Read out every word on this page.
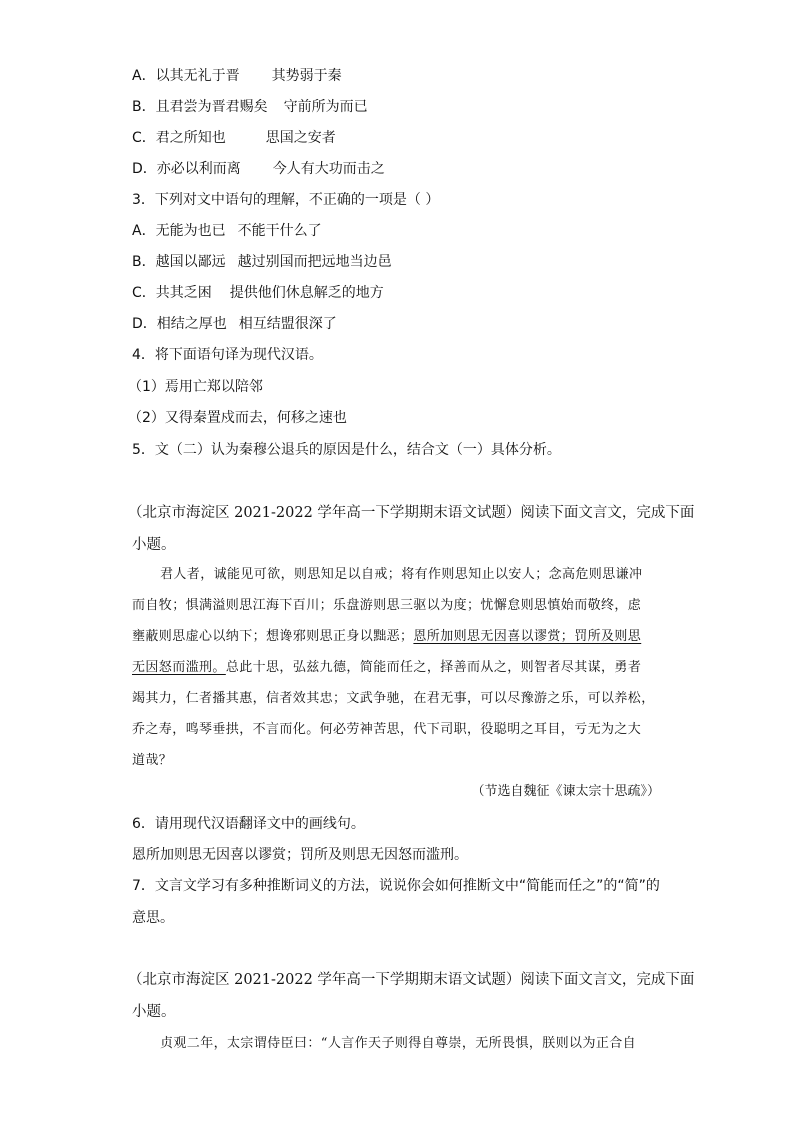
A．以其无礼于晋 其势弱于秦
B．且君尝为晋君赐矣 守前所为而已
C．君之所知也	思国之安者
D．亦必以利而离 今人有大功而击之
3．下列对文中语句的理解，不正确的一项是（ ）
A．无能为也已 不能干什么了
B．越国以鄙远 越过别国而把远地当边邑
C．共其乏困 提供他们休息解乏的地方
D．相结之厚也 相互结盟很深了
4．将下面语句译为现代汉语。
（1）焉用亡郑以陪邻
（2）又得秦置戍而去，何移之速也
5．文（二）认为秦穆公退兵的原因是什么，结合文（一）具体分析。
（北京市海淀区 2021-2022 学年高一下学期期末语文试题）阅读下面文言文，完成下面
小题。
君人者，诚能见可欲，则思知足以自戒；将有作则思知止以安人；念高危则思谦冲
而自牧；惧满溢则思江海下百川；乐盘游则思三驱以为度；忧懈怠则思慎始而敬终，虑
壅蔽则思虚心以纳下；想谗邪则思正身以黜恶；恩所加则思无因喜以谬赏；罚所及则思
无因怒而滥刑。总此十思，弘兹九德，简能而任之，择善而从之，则智者尽其谋，勇者
竭其力，仁者播其惠，信者效其忠；文武争驰，在君无事，可以尽豫游之乐，可以养松，
乔之寿，鸣琴垂拱，不言而化。何必劳神苦思，代下司职，役聪明之耳目，亏无为之大
道哉？
（节选自魏征《谏太宗十思疏》）
6．请用现代汉语翻译文中的画线句。
恩所加则思无因喜以谬赏；罚所及则思无因怒而滥刑。
7．文言文学习有多种推断词义的方法，说说你会如何推断文中“简能而任之”的“简”的
意思。
（北京市海淀区 2021-2022 学年高一下学期期末语文试题）阅读下面文言文，完成下面
小题。
贞观二年，太宗谓侍臣曰：“人言作天子则得自尊崇，无所畏惧，朕则以为正合自
